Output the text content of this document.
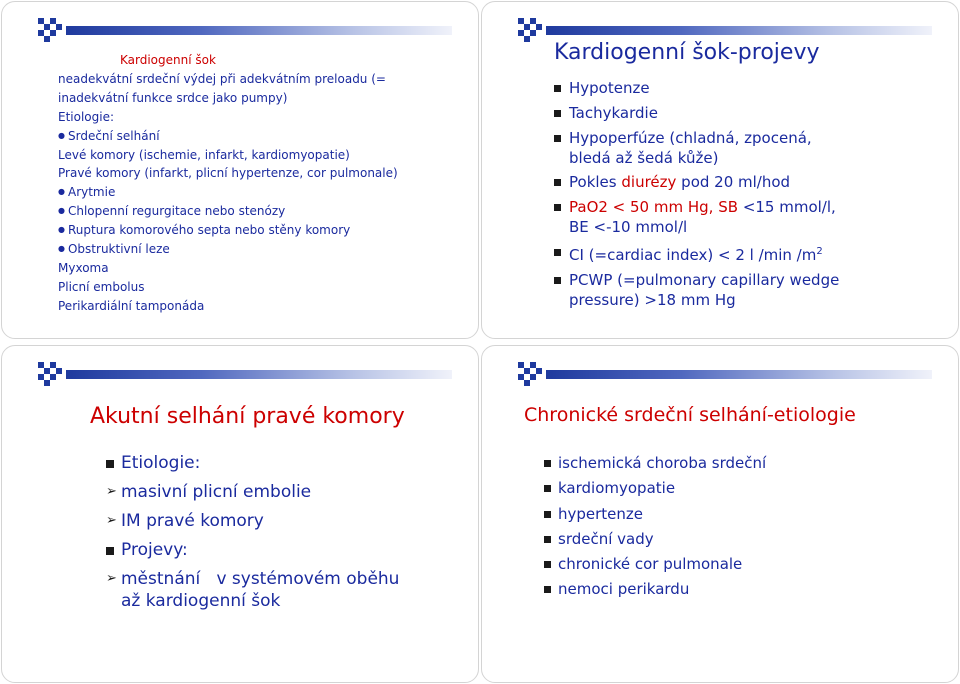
Kardiogenní šok
neadekvátní srdeční výdej při adekvátním preloadu (=
inadekvátní funkce srdce jako pumpy)
Etiologie:
● Srdeční selhání
Levé komory (ischemie, infarkt, kardiomyopatie)
Pravé komory (infarkt, plicní hypertenze, cor pulmonale)
● Arytmie
● Chlopenní regurgitace nebo stenózy
● Ruptura komorového septa nebo stěny komory
● Obstruktivní leze
Myxoma
Plicní embolus
Perikardiální tamponáda
Kardiogenní šok-projevy
Hypotenze
Tachykardie
Hypoperfúze (chladná, zpocená,
bledá až šedá kůže)
Pokles diurézy pod 20 ml/hod
PaO2 < 50 mm Hg, SB <15 mmol/l,
BE <-10 mmol/l
CI (=cardiac index) < 2 l /min $/m^2$
PCWP (=pulmonary capillary wedge
pressure) >18 mm Hg
Akutní selhání pravé komory
Etiologie:
➢ masivní plicní embolie
➢ IM pravé komory
Projevy:
➢ městnání   v systémovém oběhu
až kardiogenní šok
Chronické srdeční selhání-etiologie
ischemická choroba srdeční
kardiomyopatie
hypertenze
srdeční vady
chronické cor pulmonale
nemoci perikardu
